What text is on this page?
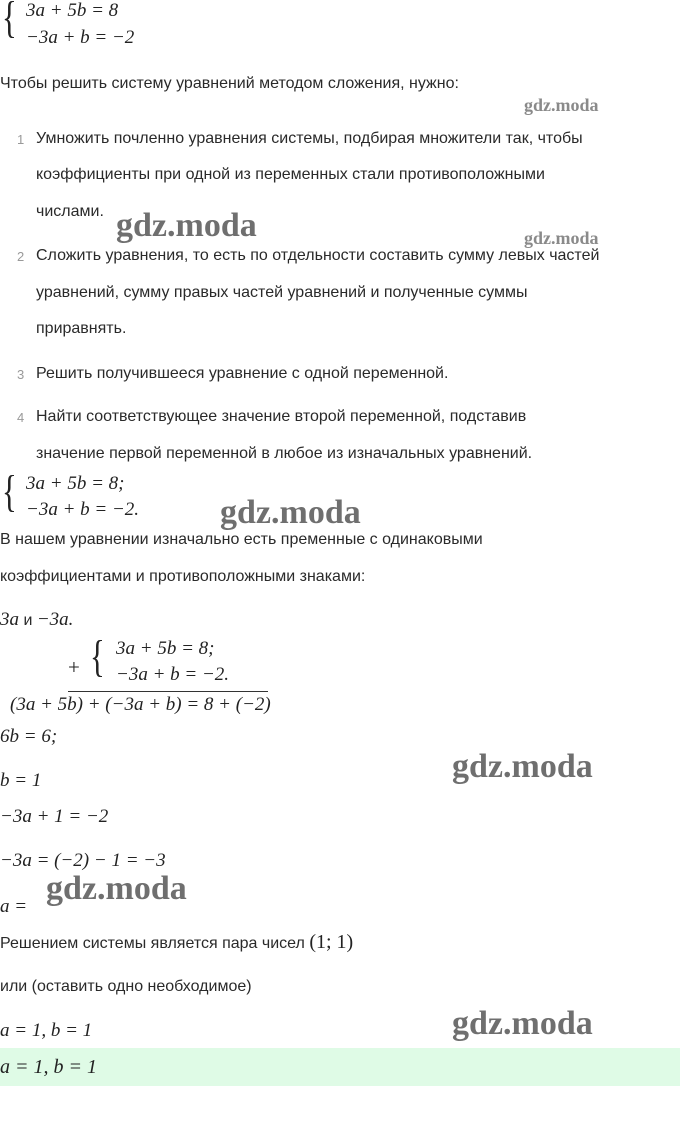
{ 3a + 5b = 8
−3a + b = −2
Чтобы решить систему уравнений методом сложения, нужно:
gdz.moda
1 Умножить почленно уравнения системы, подбирая множители так, чтобы
коэффициенты при одной из переменных стали противоположными
числами. gdz.moda	gdz.moda
2 Сложить уравнения, то есть по отдельности составить сумму левых частей
уравнений, сумму правых частей уравнений и полученные суммы
приравнять.
3 Решить получившееся уравнение с одной переменной.
4 Найти соответствующее значение второй переменной, подставив
значение первой переменной в любое из изначальных уравнений.
{ 3a + 5b = 8;
−3a + b = −2. gdz.moda
В нашем уравнении изначально есть пременные с одинаковыми
коэффициентами и противоположными знаками:
3a и −3a.
+ { 3a + 5b = 8;
−3a + b = −2.
(3a + 5b) + (−3a + b) = 8 + (−2)
6b = 6;
b = 1	gdz.moda
−3a + 1 = −2
−3a = (−2) − 1 = −3
a = gdz.moda
Решением системы является пара чисел (1; 1)
или (оставить одно необходимое)
a = 1, b = 1	gdz.moda
a = 1, b = 1
